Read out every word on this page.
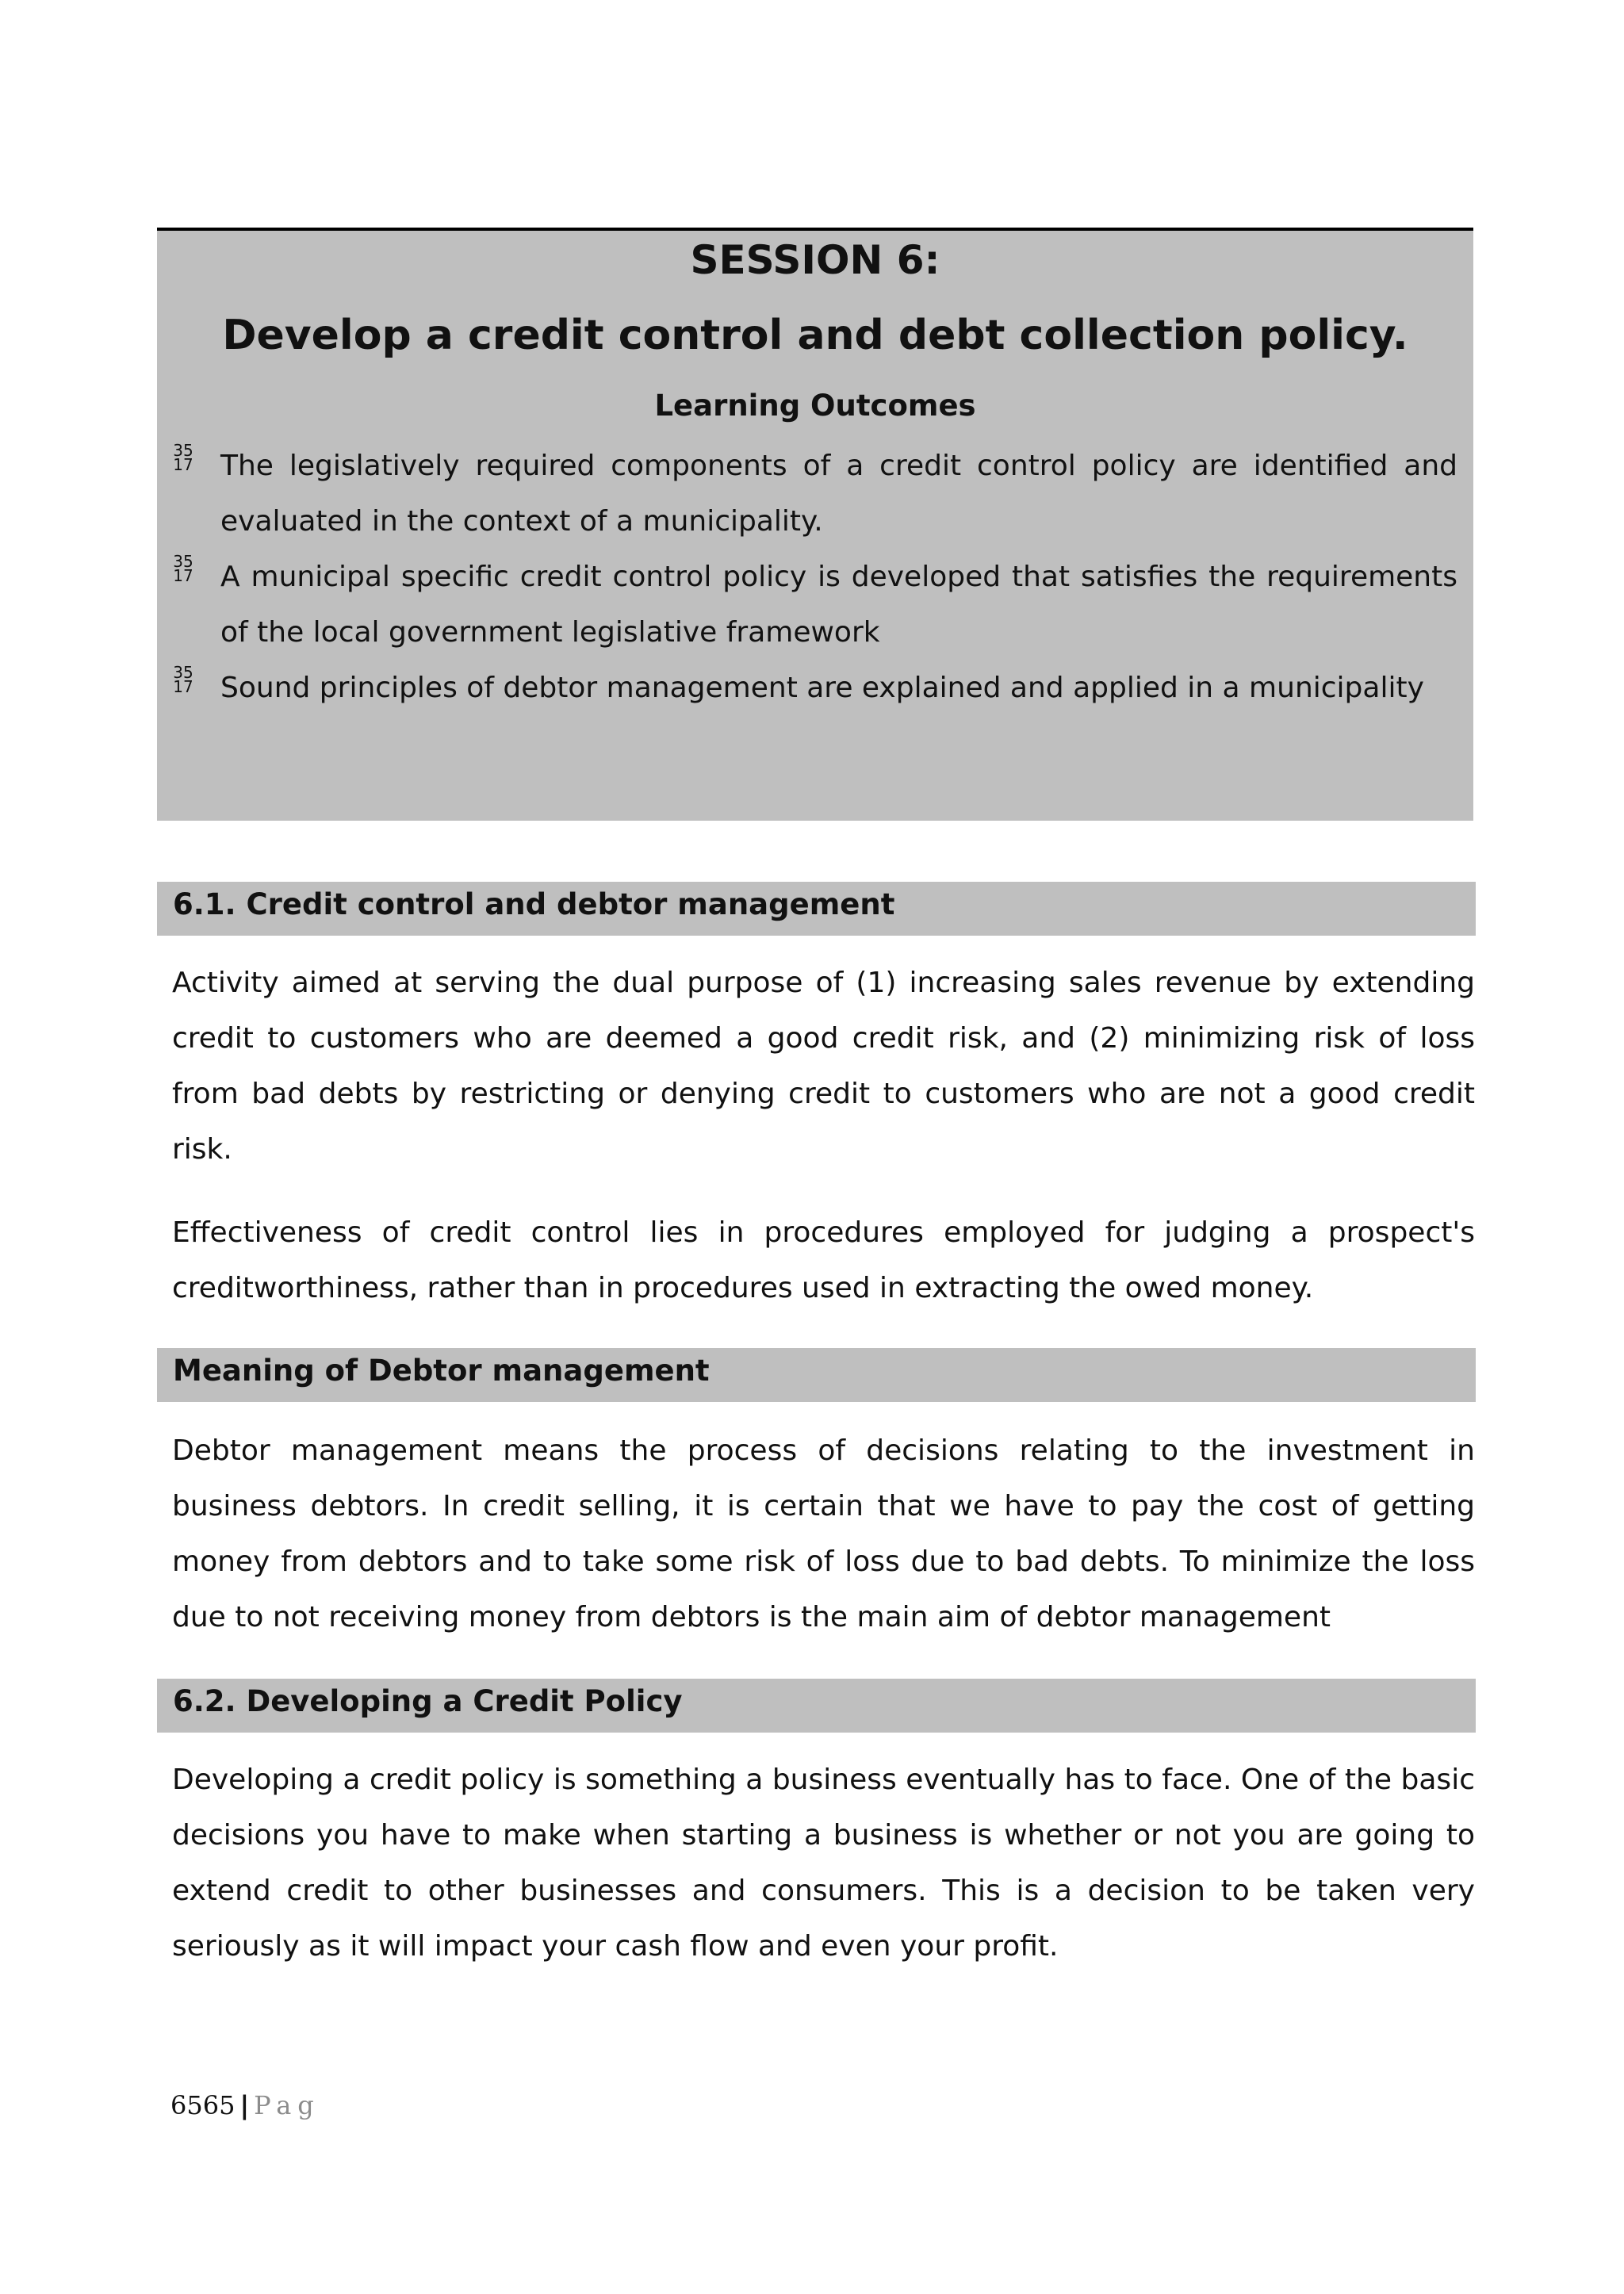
SESSION 6:
Develop a credit control and debt collection policy.
Learning Outcomes
35
17 The legislatively required components of a credit control policy are identified and evaluated in the context of a municipality.

35
17 A municipal specific credit control policy is developed that satisfies the requirements of the local government legislative framework

35
17 Sound principles of debtor management are explained and applied in a municipality

6.1. Credit control and debtor management

Activity aimed at serving the dual purpose of (1) increasing sales revenue by extending credit to customers who are deemed a good credit risk, and (2) minimizing risk of loss from bad debts by restricting or denying credit to customers who are not a good credit risk.

Effectiveness of credit control lies in procedures employed for judging a prospect's creditworthiness, rather than in procedures used in extracting the owed money.

Meaning of Debtor management

Debtor management means the process of decisions relating to the investment in business debtors. In credit selling, it is certain that we have to pay the cost of getting money from debtors and to take some risk of loss due to bad debts. To minimize the loss due to not receiving money from debtors is the main aim of debtor management

6.2. Developing a Credit Policy

Developing a credit policy is something a business eventually has to face. One of the basic decisions you have to make when starting a business is whether or not you are going to extend credit to other businesses and consumers. This is a decision to be taken very seriously as it will impact your cash flow and even your profit.

6565 | Pag
